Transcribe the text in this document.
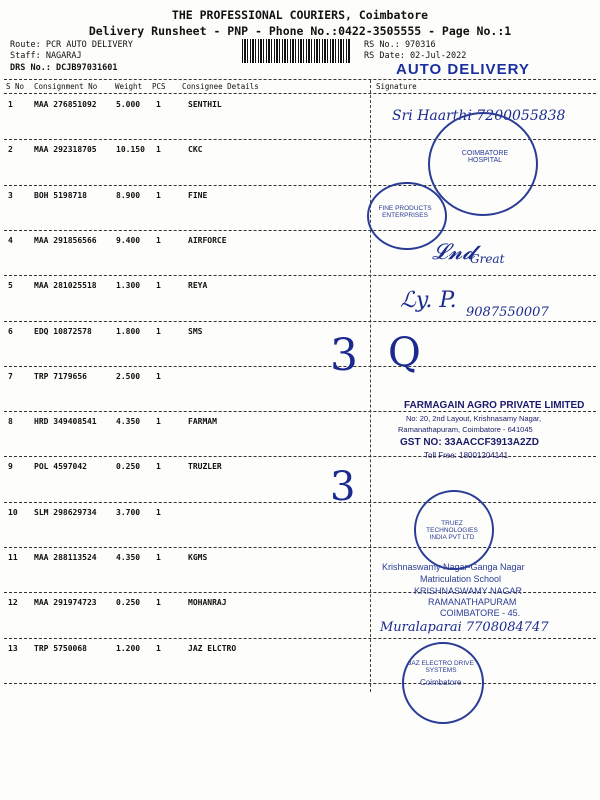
THE PROFESSIONAL COURIERS, Coimbatore
Delivery Runsheet - PNP - Phone No.:0422-3505555 - Page No.:1
Route: PCR AUTO DELIVERY
Staff: NAGARAJ
DRS No.: DCJB97031601
RS No.: 970316
RS Date: 02-Jul-2022
AUTO DELIVERY
S No Consignment No Weight PCS Consignee Details	Signature
1	MAA 276851092 5.000 1	SENTHIL
2	MAA 292318705 10.150 1	CKC
3	BOH 5198718	8.900 1	FINE
4	MAA 291856566 9.400 1	AIRFORCE
5	MAA 281025518 1.300 1	REYA
6	EDQ 10872578	1.800 1	SMS
7	TRP 7179656	2.500 1
8	HRD 349408541 4.350 1	FARMAM
9	POL 4597042	0.250 1	TRUZLER
10 SLM 298629734 3.700 1
11 MAA 288113524 4.350 1	KGMS
12 MAA 291974723 0.250 1	MOHANRAJ
13 TRP 5750068	1.200 1	JAZ ELCTRO
Sri Haarthi 7200055838
Great
ℒy. P. 9087550007
𝓛𝓷𝓭
Muralaparai 7708084747
3 Q
3
COIMBATORE HOSPITAL
FINE PRODUCTS ENTERPRISES
FARMAGAIN AGRO PRIVATE LIMITED
No: 20, 2nd Layout, Krishnasamy Nagar,
Ramanathapuram, Coimbatore - 641045
GST NO: 33AACCF3913A2ZD
Toll Free: 18001204141
TRUEZ TECHNOLOGIES INDIA PVT LTD
Krishnaswamy Nagar-Ganga Nagar
Matriculation School
KRISHNASWAMY NAGAR
RAMANATHAPURAM
COIMBATORE - 45.
JAZ ELECTRO DRIVE SYSTEMS
Coimbatore
